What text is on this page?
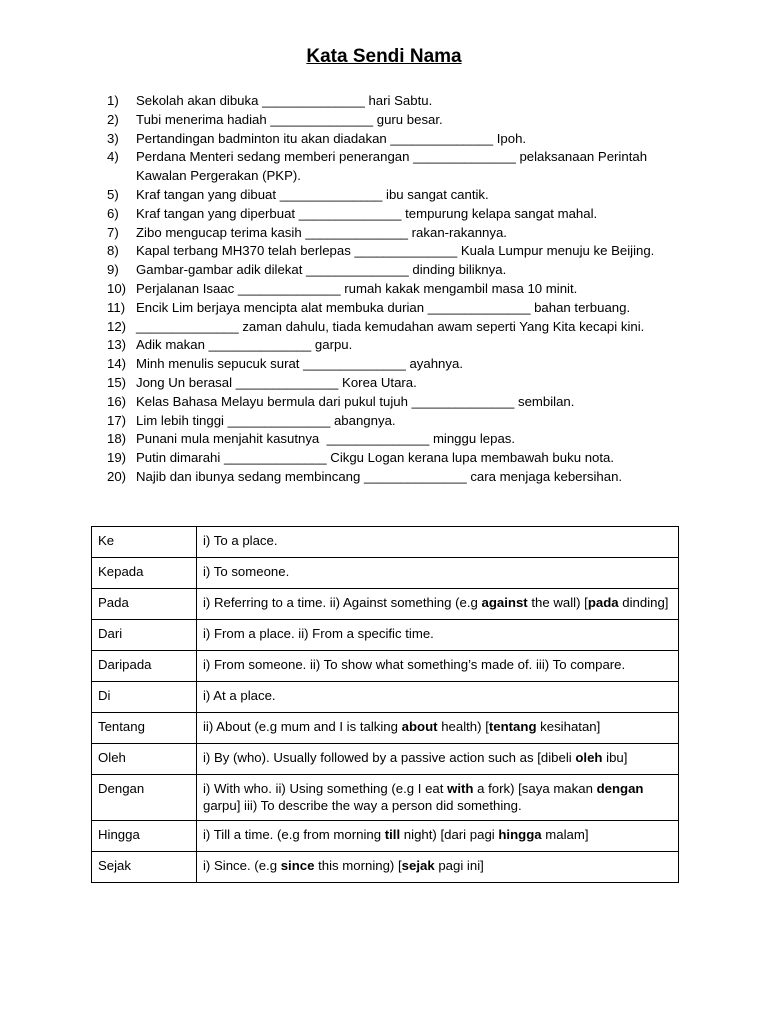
Kata Sendi Nama
1) Sekolah akan dibuka ______________ hari Sabtu.
2) Tubi menerima hadiah ______________ guru besar.
3) Pertandingan badminton itu akan diadakan ______________ Ipoh.
4) Perdana Menteri sedang memberi penerangan ______________ pelaksanaan Perintah Kawalan Pergerakan (PKP).
5) Kraf tangan yang dibuat ______________ ibu sangat cantik.
6) Kraf tangan yang diperbuat ______________ tempurung kelapa sangat mahal.
7) Zibo mengucap terima kasih ______________ rakan-rakannya.
8) Kapal terbang MH370 telah berlepas ______________ Kuala Lumpur menuju ke Beijing.
9) Gambar-gambar adik dilekat ______________ dinding biliknya.
10) Perjalanan Isaac ______________ rumah kakak mengambil masa 10 minit.
11) Encik Lim berjaya mencipta alat membuka durian ______________ bahan terbuang.
12) ______________ zaman dahulu, tiada kemudahan awam seperti Yang Kita kecapi kini.
13) Adik makan ______________ garpu.
14) Minh menulis sepucuk surat ______________ ayahnya.
15) Jong Un berasal ______________ Korea Utara.
16) Kelas Bahasa Melayu bermula dari pukul tujuh ______________ sembilan.
17) Lim lebih tinggi ______________ abangnya.
18) Punani mula menjahit kasutnya  ______________ minggu lepas.
19) Putin dimarahi ______________ Cikgu Logan kerana lupa membawah buku nota.
20) Najib dan ibunya sedang membincang ______________ cara menjaga kebersihan.
Ke	i) To a place.
Kepada	i) To someone.
Pada	i) Referring to a time. ii) Against something (e.g against the wall) [pada dinding]
Dari	i) From a place. ii) From a specific time.
Daripada	i) From someone. ii) To show what something’s made of. iii) To compare.
Di	i) At a place.
Tentang	ii) About (e.g mum and I is talking about health) [tentang kesihatan]
Oleh	i) By (who). Usually followed by a passive action such as [dibeli oleh ibu]
Dengan	i) With who. ii) Using something (e.g I eat with a fork) [saya makan dengan garpu] iii) To describe the way a person did something.
Hingga	i) Till a time. (e.g from morning till night) [dari pagi hingga malam]
Sejak	i) Since. (e.g since this morning) [sejak pagi ini]
